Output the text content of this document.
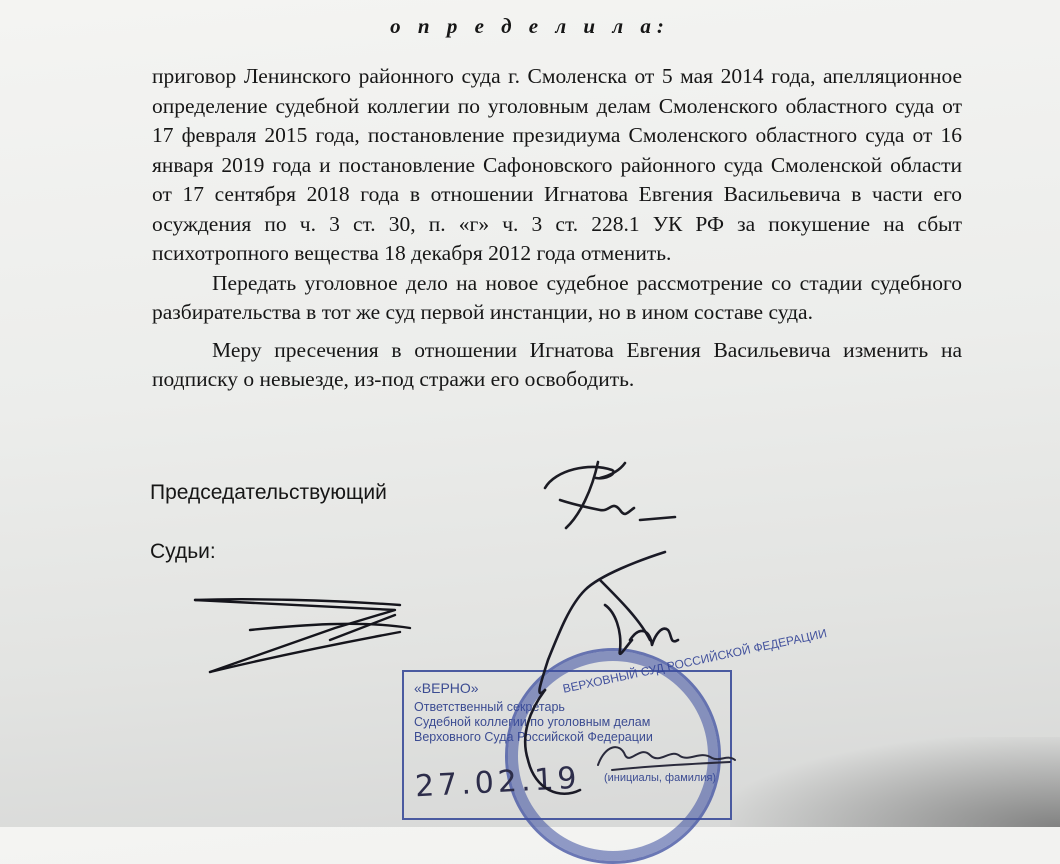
о п р е д е л и л а:

приговор Ленинского районного суда г. Смоленска от 5 мая 2014 года, апелляционное определение судебной коллегии по уголовным делам Смоленского областного суда от 17 февраля 2015 года, постановление президиума Смоленского областного суда от 16 января 2019 года и постановление Сафоновского районного суда Смоленской области от 17 сентября 2018 года в отношении Игнатова Евгения Васильевича в части его осуждения по ч. 3 ст. 30, п. «г» ч. 3 ст. 228.1 УК РФ за покушение на сбыт психотропного вещества 18 декабря 2012 года отменить.

Передать уголовное дело на новое судебное рассмотрение со стадии судебного разбирательства в тот же суд первой инстанции, но в ином составе суда.

Меру пресечения в отношении Игнатова Евгения Васильевича изменить на подписку о невыезде, из-под стражи его освободить.

Председательствующий
Судьи:
«ВЕРНО»
Ответственный секретарь
Судебной коллегии по уголовным делам
Верховного Суда Российской Федерации
(инициалы, фамилия)
ВЕРХОВНЫЙ СУД РОССИЙСКОЙ ФЕДЕРАЦИИ
27.02.19
